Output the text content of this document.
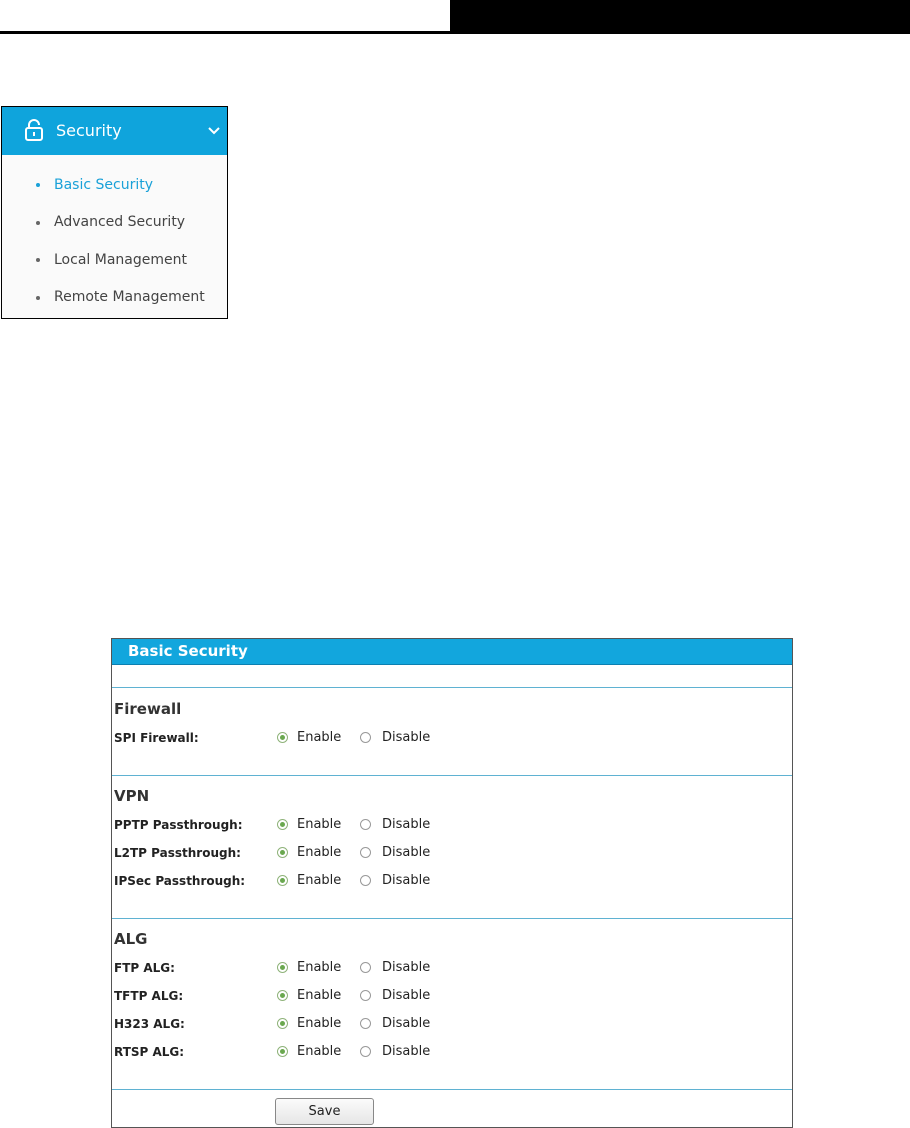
Security
Basic Security
Advanced Security
Local Management
Remote Management
Basic Security
Save
Firewall
SPI Firewall:	Enable	Disable
VPN
PPTP Passthrough:	Enable	Disable
L2TP Passthrough:	Enable	Disable
IPSec Passthrough:	Enable	Disable
ALG
FTP ALG:	Enable	Disable
TFTP ALG:	Enable	Disable
H323 ALG:	Enable	Disable
RTSP ALG:	Enable	Disable
